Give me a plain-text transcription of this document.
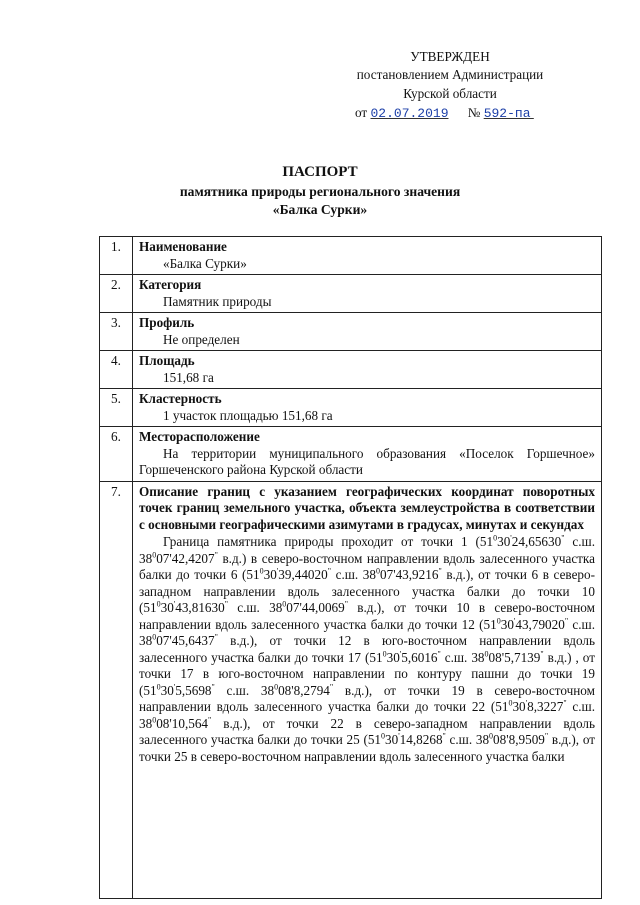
УТВЕРЖДЕН
постановлением Администрации
Курской области
от 02.07.2019 № 592-па
ПАСПОРТ
памятника природы регионального значения
«Балка Сурки»
1.	Наименование
«Балка Сурки»

2.	Категория
Памятник природы

3.	Профиль
Не определен

4.	Площадь
151,68 га

5.	Кластерность
1 участок площадью 151,68 га

6.	Месторасположение
На территории муниципального образования «Поселок Горшечное» Горшеченского района Курской области

7.	Описание границ с указанием географических координат поворотных точек границ земельного участка, объекта землеустройства в соответствии с основными географическими азимутами в градусах, минутах и секундах
Граница памятника природы проходит от точки 1 ($51^030'24,65630^"$ с.ш. $38^007'42,4207^"$ в.д.) в северо-восточном направлении вдоль залесенного участка балки до точки 6 ($51^030'39,44020^"$ с.ш. $38^007'43,9216^"$ в.д.), от точки 6 в северо-западном направлении вдоль залесенного участка балки до точки 10 ($51^030'43,81630^"$ с.ш. $38^007'44,0069^"$ в.д.), от точки 10 в северо-восточном направлении вдоль залесенного участка балки до точки 12 ($51^030'43,79020^"$ с.ш. $38^007'45,6437^"$ в.д.), от точки 12 в юго-восточном направлении вдоль залесенного участка балки до точки 17 ($51^030'5,6016^"$ с.ш. $38^008'5,7139^"$ в.д.) , от точки 17 в юго-восточном направлении по контуру пашни до точки 19 ($51^030'5,5698^"$ с.ш. $38^008'8,2794^"$ в.д.), от точки 19 в северо-восточном направлении вдоль залесенного участка балки до точки 22 ($51^030'8,3227^"$ с.ш. $38^008'10,564^"$ в.д.), от точки 22 в северо-западном направлении вдоль залесенного участка балки до точки 25 ($51^030'14,8268^"$ с.ш. $38^008'8,9509^"$ в.д.), от точки 25 в северо-восточном направлении вдоль залесенного участка балки
